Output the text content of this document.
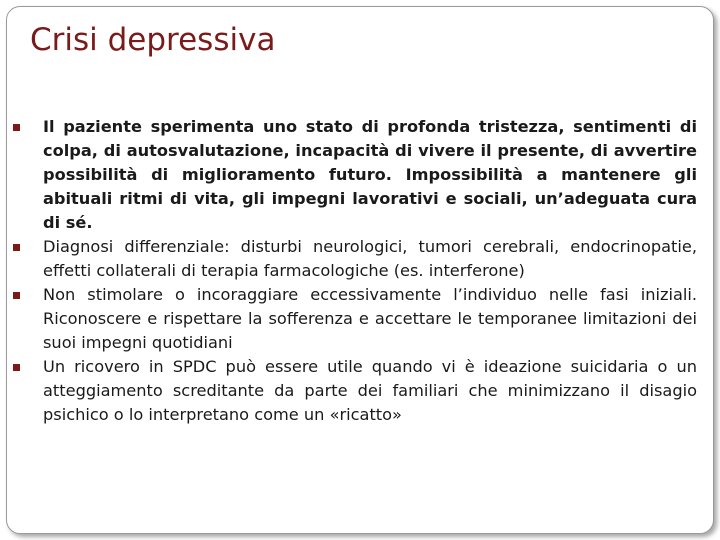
Crisi depressiva
Il paziente sperimenta uno stato di profonda tristezza, sentimenti di colpa, di autosvalutazione, incapacità di vivere il presente, di avvertire possibilità di miglioramento futuro. Impossibilità a mantenere gli abituali ritmi di vita, gli impegni lavorativi e sociali, un’adeguata cura di sé.
Diagnosi differenziale: disturbi neurologici, tumori cerebrali, endocrinopatie, effetti collaterali di terapia farmacologiche (es. interferone)
Non stimolare o incoraggiare eccessivamente l’individuo nelle fasi iniziali. Riconoscere e rispettare la sofferenza e accettare le temporanee limitazioni dei suoi impegni quotidiani
Un ricovero in SPDC può essere utile quando vi è ideazione suicidaria o un atteggiamento screditante da parte dei familiari che minimizzano il disagio psichico o lo interpretano come un «ricatto»
